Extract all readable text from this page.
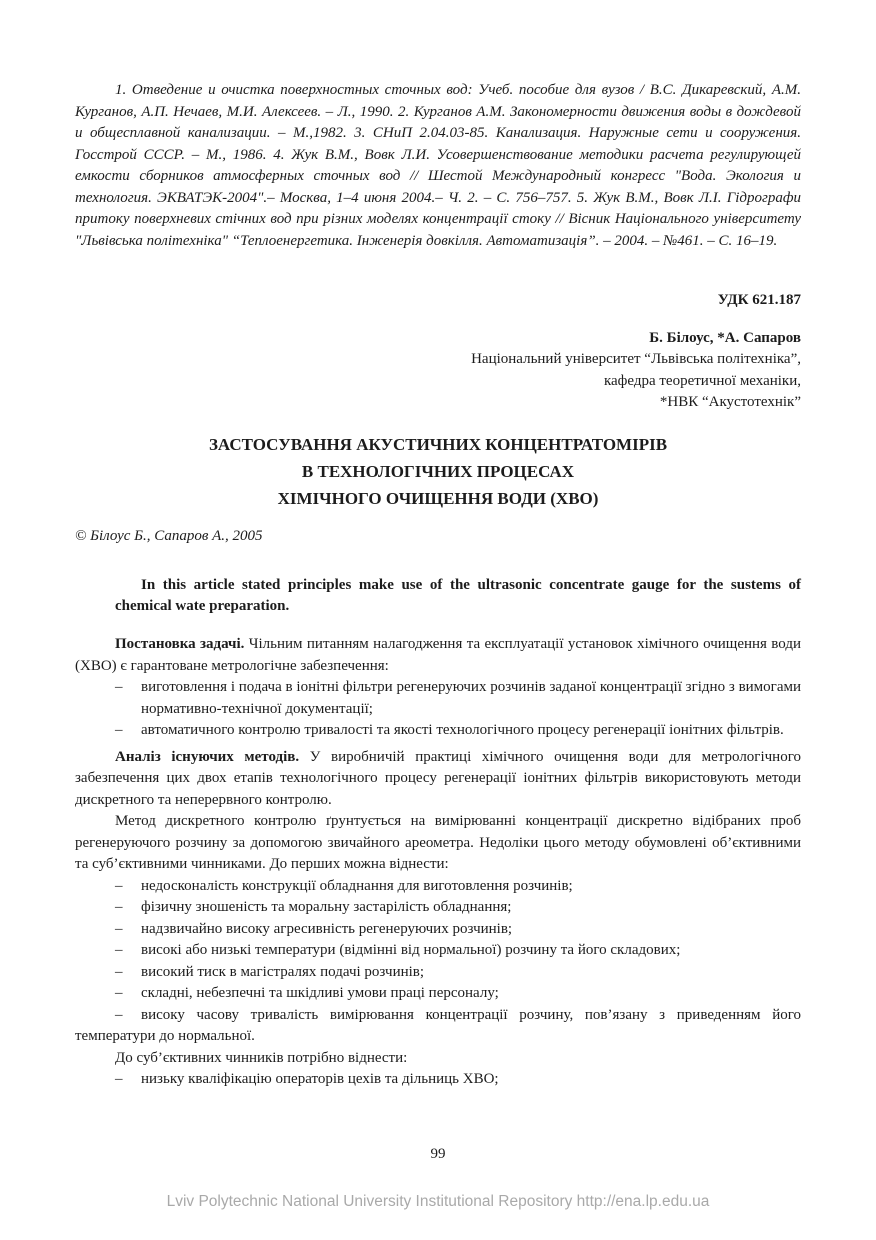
1. Отведение и очистка поверхностных сточных вод: Учеб. пособие для вузов / В.С. Дикаревский, А.М. Курганов, А.П. Нечаев, М.И. Алексеев. – Л., 1990. 2. Курганов А.М. Закономерности движения воды в дождевой и общесплавной канализации. – М.,1982. 3. СНиП 2.04.03-85. Канализация. Наружные сети и сооружения. Госстрой СССР. – М., 1986. 4. Жук В.М., Вовк Л.И. Усовершенствование методики расчета регулирующей емкости сборников атмосферных сточных вод // Шестой Международный конгресс "Вода. Экология и технология. ЭКВАТЭК-2004".– Москва, 1–4 июня 2004.– Ч. 2. – С. 756–757. 5. Жук В.М., Вовк Л.І. Гідрографи притоку поверхневих стічних вод при різних моделях концентрації стоку // Вісник Національного університету "Львівська політехніка" “Теплоенергетика. Інженерія довкілля. Автоматизація”. – 2004. – №461. – С. 16–19.

УДК 621.187

Б. Білоус, *А. Сапаров

Національний університет “Львівська політехніка”,

кафедра теоретичної механіки,

*НВК “Акустотехнік”

ЗАСТОСУВАННЯ АКУСТИЧНИХ КОНЦЕНТРАТОМІРІВ
В ТЕХНОЛОГІЧНИХ ПРОЦЕСАХ
ХІМІЧНОГО ОЧИЩЕННЯ ВОДИ (ХВО)

© Білоус Б., Сапаров А., 2005

In this article stated principles make use of the ultrasonic concentrate gauge for the sustems of chemical wate preparation.

Постановка задачі. Чільним питанням налагодження та експлуатації установок хімічного очищення води (ХВО) є гарантоване метрологічне забезпечення:

– виготовлення і подача в іонітні фільтри регенеруючих розчинів заданої концентрації згідно з вимогами нормативно-технічної документації;
– автоматичного контролю тривалості та якості технологічного процесу регенерації іонітних фільтрів.

Аналіз існуючих методів. У виробничій практиці хімічного очищення води для метрологічного забезпечення цих двох етапів технологічного процесу регенерації іонітних фільтрів використовують методи дискретного та неперервного контролю.

Метод дискретного контролю ґрунтується на вимірюванні концентрації дискретно відібраних проб регенеруючого розчину за допомогою звичайного ареометра. Недоліки цього методу обумовлені об’єктивними та суб’єктивними чинниками. До перших можна віднести:

– недосконалість конструкції обладнання для виготовлення розчинів;
– фізичну зношеність та моральну застарілість обладнання;
– надзвичайно високу агресивність регенеруючих розчинів;
– високі або низькі температури (відмінні від нормальної) розчину та його складових;
– високий тиск в магістралях подачі розчинів;
– складні, небезпечні та шкідливі умови праці персоналу;
– високу часову тривалість вимірювання концентрації розчину, пов’язану з приведенням його температури до нормальної.

До суб’єктивних чинників потрібно віднести:

– низьку кваліфікацію операторів цехів та дільниць ХВО;
99
Lviv Polytechnic National University Institutional Repository http://ena.lp.edu.ua
